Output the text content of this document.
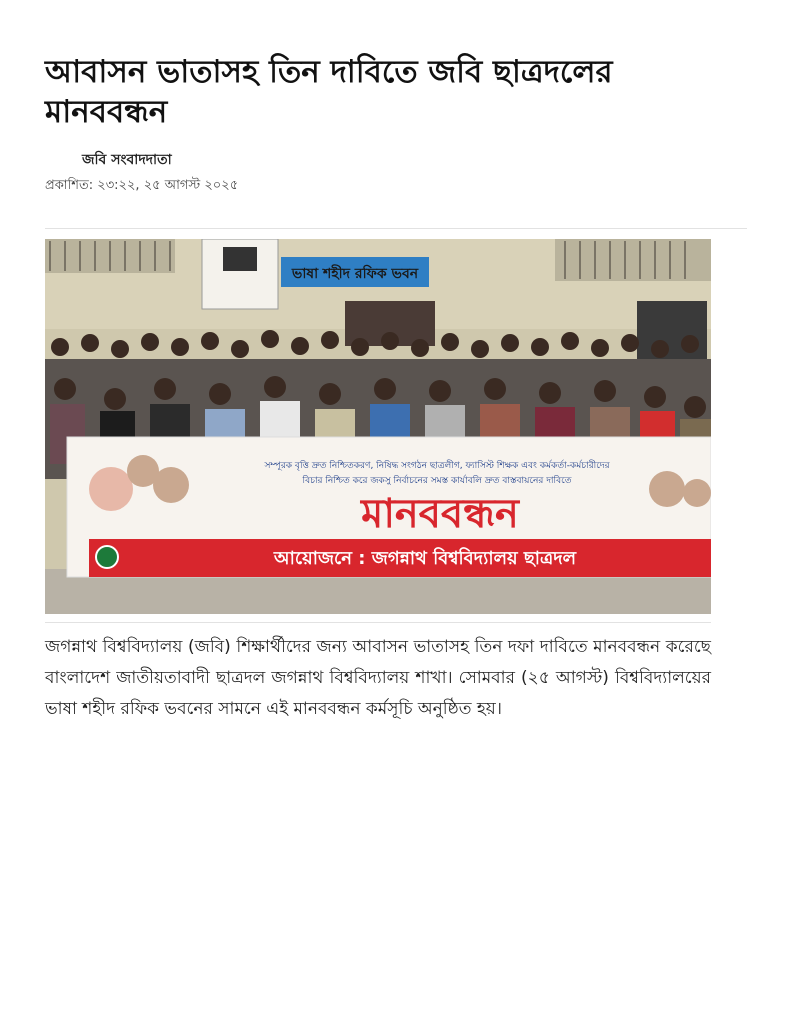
আবাসন ভাতাসহ তিন দাবিতে জবি ছাত্রদলের মানববন্ধন
জবি সংবাদদাতা
প্রকাশিত: ২৩:২২, ২৫ আগস্ট ২০২৫
ভাষা শহীদ রফিক ভবন
সম্পূরক বৃত্তি দ্রুত নিশ্চিতকরণ, নিষিদ্ধ সংগঠন ছাত্রলীগ, ফ্যাসিস্ট শিক্ষক এবং কর্মকর্তা-কর্মচারীদের
বিচার নিশ্চিত করে জকসু নির্বাচনের সমস্ত কার্যাবলি দ্রুত বাস্তবায়নের দাবিতে
মানববন্ধন
আয়োজনে : জগন্নাথ বিশ্ববিদ্যালয় ছাত্রদল

জগন্নাথ বিশ্ববিদ্যালয় (জবি) শিক্ষার্থীদের জন্য আবাসন ভাতাসহ তিন দফা দাবিতে মানববন্ধন করেছে বাংলাদেশ জাতীয়তাবাদী ছাত্রদল জগন্নাথ বিশ্ববিদ্যালয় শাখা। সোমবার (২৫ আগস্ট) বিশ্ববিদ্যালয়ের ভাষা শহীদ রফিক ভবনের সামনে এই মানববন্ধন কর্মসূচি অনুষ্ঠিত হয়।
